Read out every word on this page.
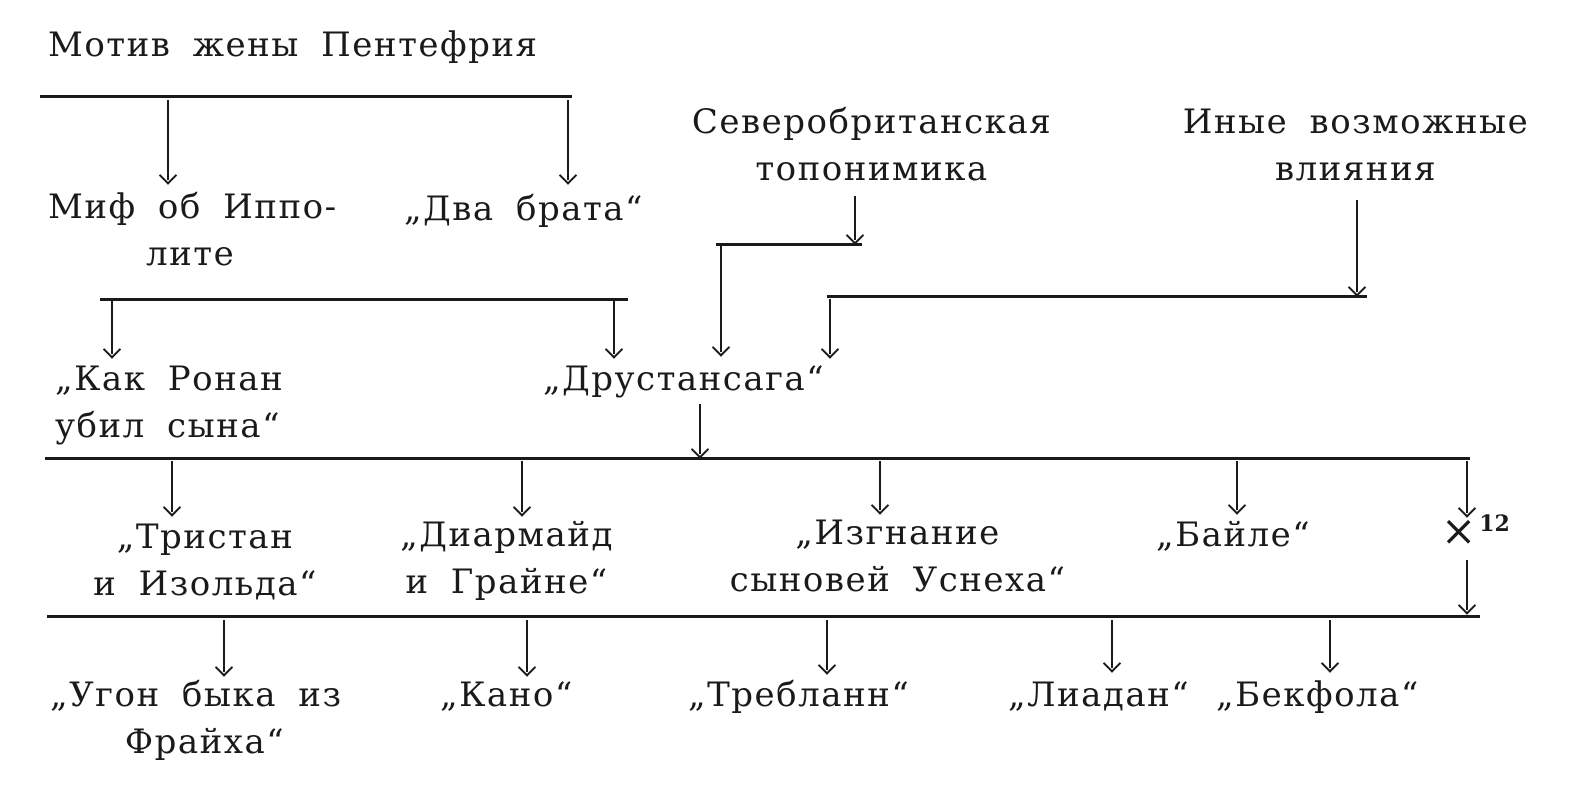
Мотив жены Пентефрия
Северобританская
топонимика
Иные возможные
влияния
Миф об Иппо-
лите
„Два брата“
„Как Ронан
убил сына“
„Друстансага“
„Тристан
и Изольда“
„Диармайд
и Грайне“
„Изгнание
сыновей Уснеха“
„Байле“	× $^{12}$
„Угон быка из
Фрайха“
„Кано“	„Требланн“	„Лиадан“ „Бекфола“
